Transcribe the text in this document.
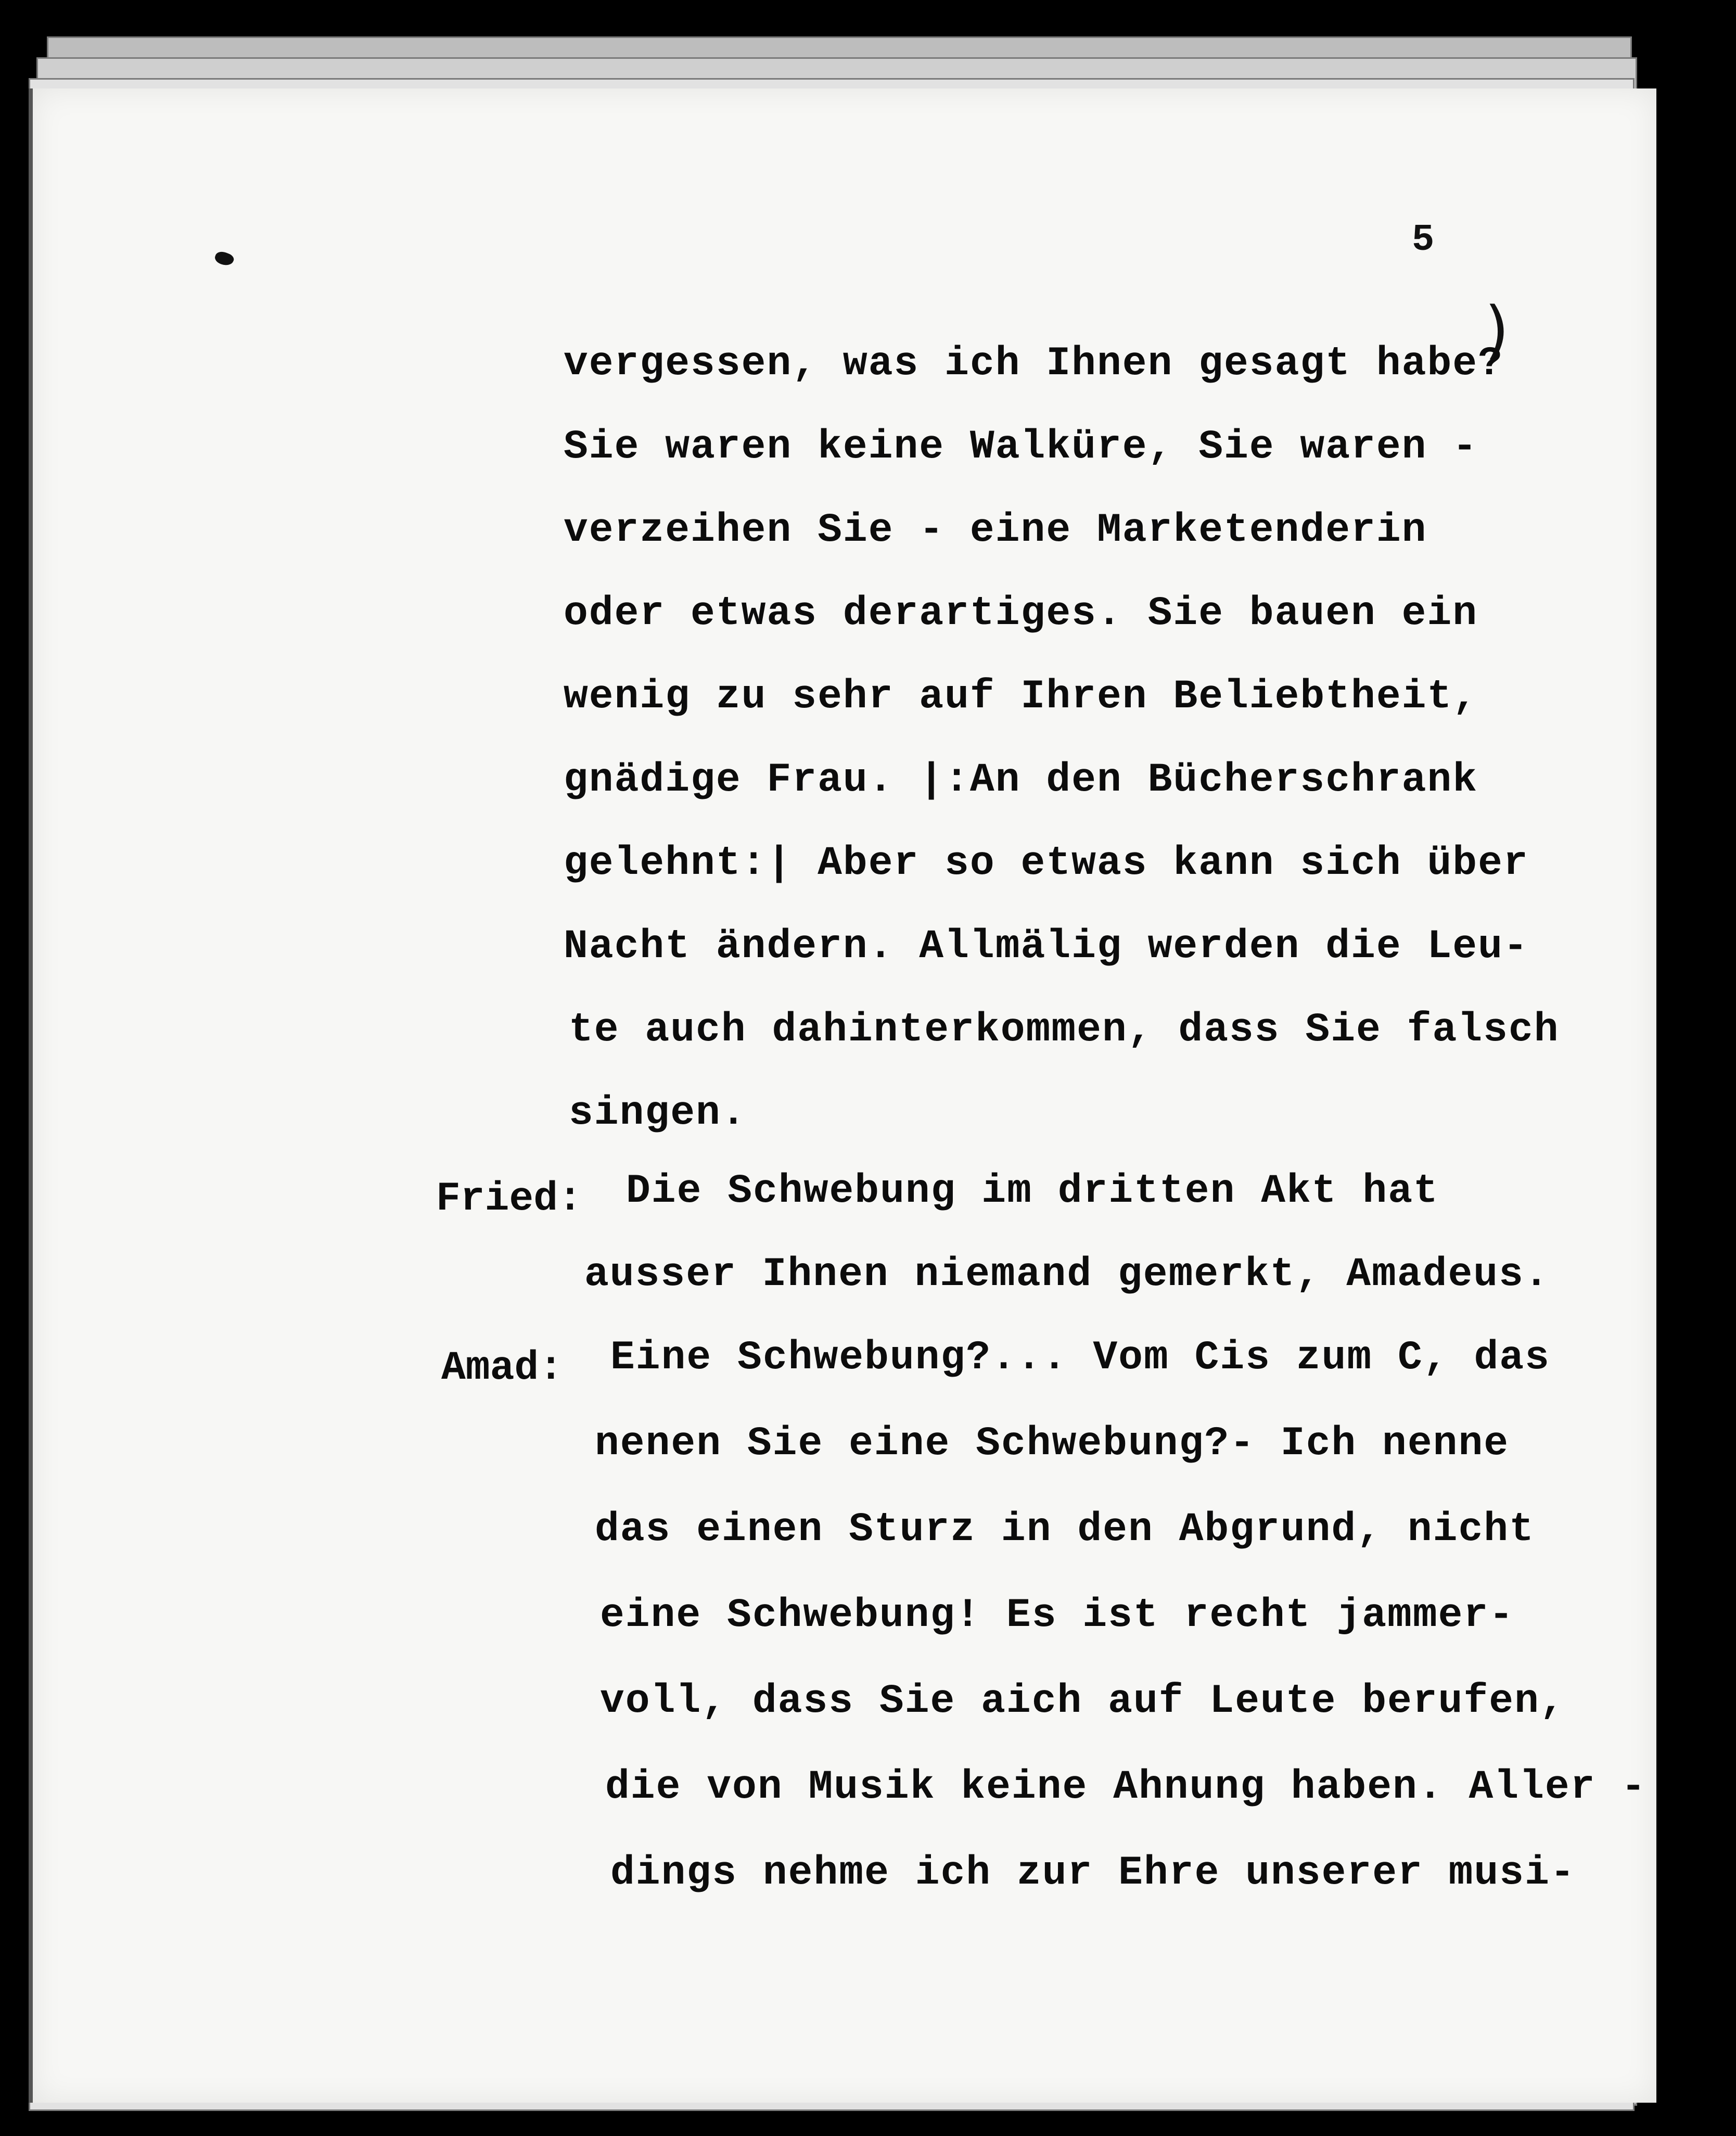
5
)
vergessen, was ich Ihnen gesagt habe?
Sie waren keine Walküre, Sie waren -
verzeihen Sie - eine Marketenderin
oder etwas derartiges. Sie bauen ein
wenig zu sehr auf Ihren Beliebtheit,
gnädige Frau. |:An den Bücherschrank
gelehnt:| Aber so etwas kann sich über
Nacht ändern. Allmälig werden die Leu-
te auch dahinterkommen, dass Sie falsch
singen.
Fried: Die Schwebung im dritten Akt hat
ausser Ihnen niemand gemerkt, Amadeus.
Amad: Eine Schwebung?... Vom Cis zum C, das
nenen Sie eine Schwebung?- Ich nenne
das einen Sturz in den Abgrund, nicht
eine Schwebung! Es ist recht jammer-
voll, dass Sie aich auf Leute berufen,
die von Musik keine Ahnung haben. Aller -
dings nehme ich zur Ehre unserer musi-
